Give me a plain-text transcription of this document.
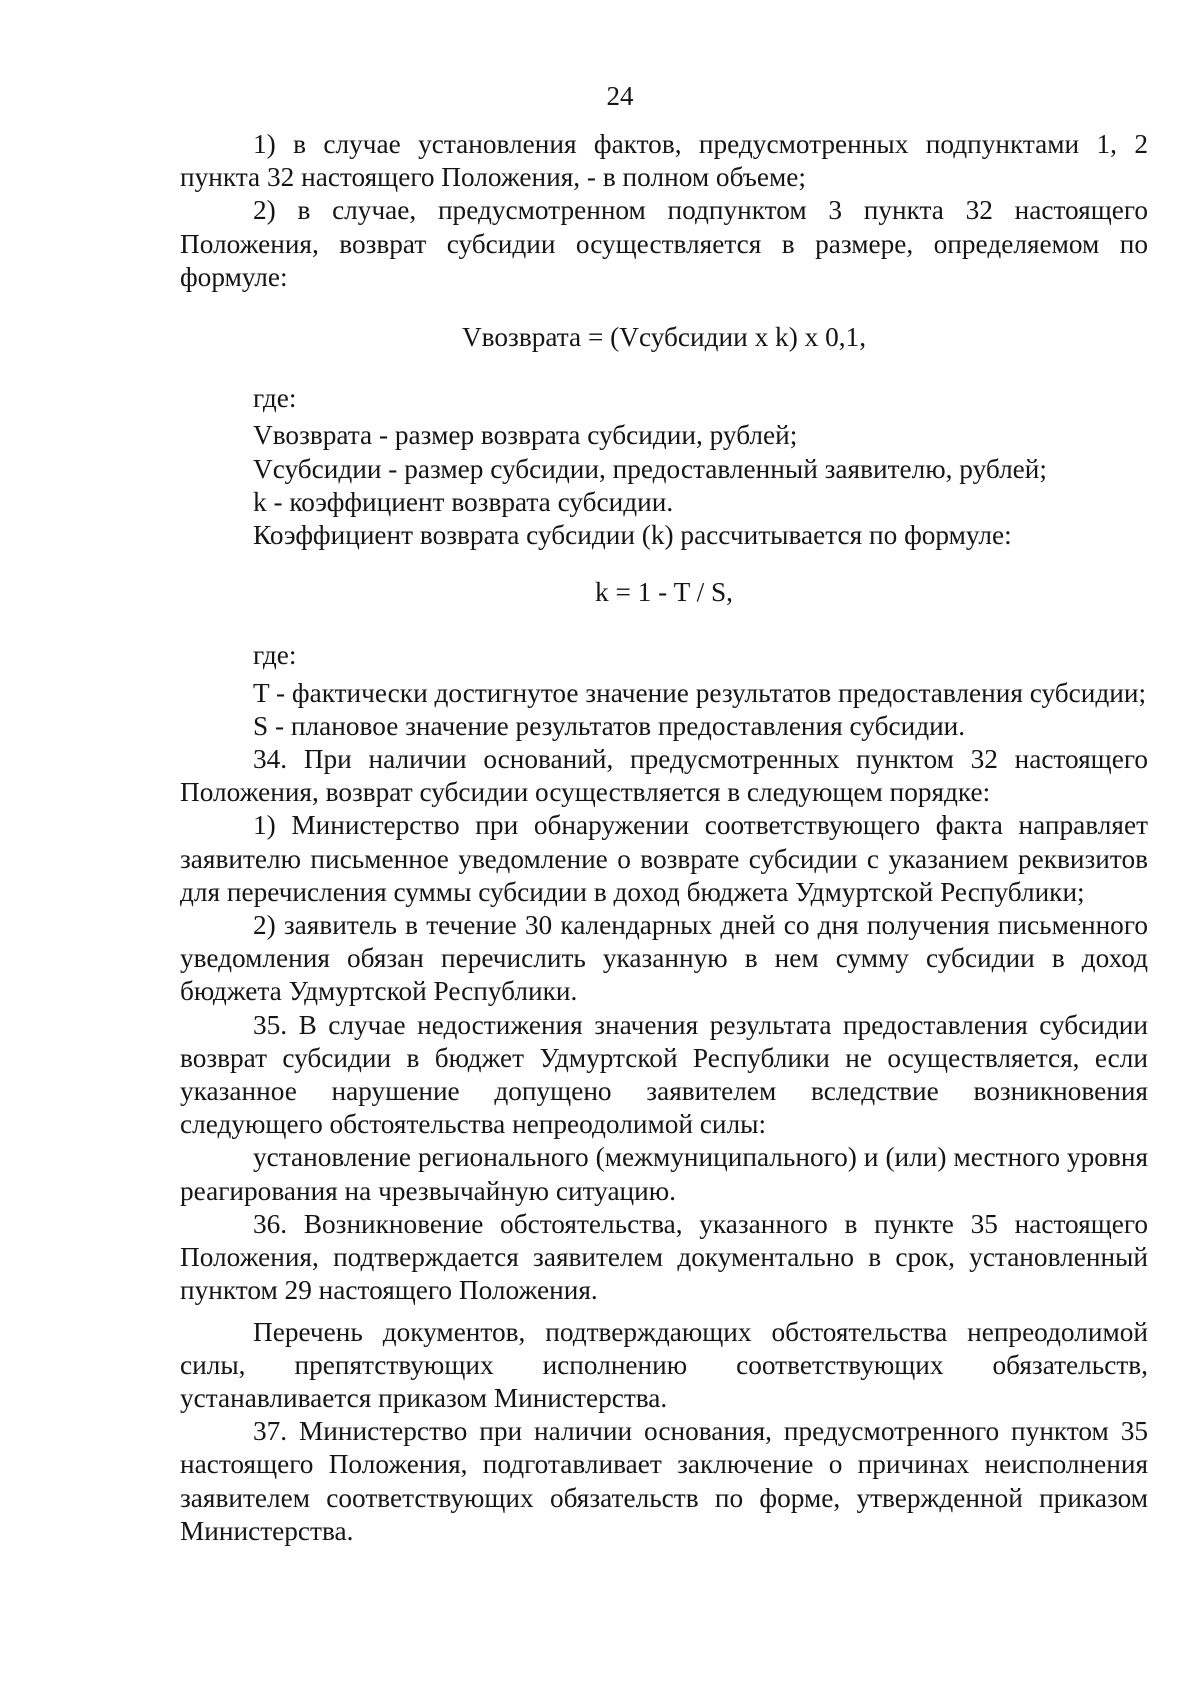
24

1) в случае установления фактов, предусмотренных подпунктами 1, 2 пункта 32 настоящего Положения, - в полном объеме;

2) в случае, предусмотренном подпунктом 3 пункта 32 настоящего Положения, возврат субсидии осуществляется в размере, определяемом по формуле:

Vвозврата = (Vсубсидии x k) x 0,1,

где:

Vвозврата - размер возврата субсидии, рублей;

Vсубсидии - размер субсидии, предоставленный заявителю, рублей;

k - коэффициент возврата субсидии.

Коэффициент возврата субсидии (k) рассчитывается по формуле:

k = 1 - T / S,

где:

T - фактически достигнутое значение результатов предоставления субсидии;

S - плановое значение результатов предоставления субсидии.

34. При наличии оснований, предусмотренных пунктом 32 настоящего Положения, возврат субсидии осуществляется в следующем порядке:

1) Министерство при обнаружении соответствующего факта направляет заявителю письменное уведомление о возврате субсидии с указанием реквизитов для перечисления суммы субсидии в доход бюджета Удмуртской Республики;

2) заявитель в течение 30 календарных дней со дня получения письменного уведомления обязан перечислить указанную в нем сумму субсидии в доход бюджета Удмуртской Республики.

35. В случае недостижения значения результата предоставления субсидии возврат субсидии в бюджет Удмуртской Республики не осуществляется, если указанное нарушение допущено заявителем вследствие возникновения следующего обстоятельства непреодолимой силы:

установление регионального (межмуниципального) и (или) местного уровня реагирования на чрезвычайную ситуацию.

36. Возникновение обстоятельства, указанного в пункте 35 настоящего Положения, подтверждается заявителем документально в срок, установленный пунктом 29 настоящего Положения.

Перечень документов, подтверждающих обстоятельства непреодолимой силы, препятствующих исполнению соответствующих обязательств, устанавливается приказом Министерства.

37. Министерство при наличии основания, предусмотренного пунктом 35 настоящего Положения, подготавливает заключение о причинах неисполнения заявителем соответствующих обязательств по форме, утвержденной приказом Министерства.
